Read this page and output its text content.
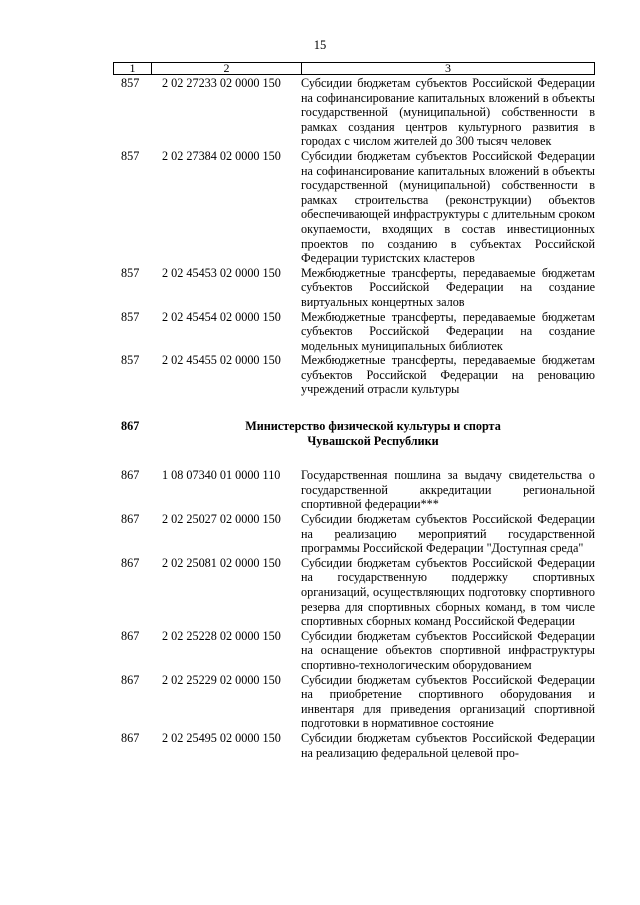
15
1	2	3
857	2 02 27233 02 0000 150	Субсидии бюджетам субъектов Российской Федерации на софинансирование капитальных вложений в объекты государственной (муниципальной) собственности в рамках создания центров культурного развития в городах с числом жителей до 300 тысяч человек
857	2 02 27384 02 0000 150	Субсидии бюджетам субъектов Российской Федерации на софинансирование капитальных вложений в объекты государственной (муниципальной) собственности в рамках строительства (реконструкции) объектов обеспечивающей инфраструктуры с длительным сроком окупаемости, входящих в состав инвестиционных проектов по созданию в субъектах Российской Федерации туристских кластеров
857	2 02 45453 02 0000 150	Межбюджетные трансферты, передаваемые бюджетам субъектов Российской Федерации на создание виртуальных концертных залов
857	2 02 45454 02 0000 150	Межбюджетные трансферты, передаваемые бюджетам субъектов Российской Федерации на создание модельных муниципальных библиотек
857	2 02 45455 02 0000 150	Межбюджетные трансферты, передаваемые бюджетам субъектов Российской Федерации на реновацию учреждений отрасли культуры
867	Министерство физической культуры и спорта
Чувашской Республики
867	1 08 07340 01 0000 110	Государственная пошлина за выдачу свидетельства о государственной аккредитации региональной спортивной федерации***
867	2 02 25027 02 0000 150	Субсидии бюджетам субъектов Российской Федерации на реализацию мероприятий государственной программы Российской Федерации "Доступная среда"
867	2 02 25081 02 0000 150	Субсидии бюджетам субъектов Российской Федерации на государственную поддержку спортивных организаций, осуществляющих подготовку спортивного резерва для спортивных сборных команд, в том числе спортивных сборных команд Российской Федерации
867	2 02 25228 02 0000 150	Субсидии бюджетам субъектов Российской Федерации на оснащение объектов спортивной инфраструктуры спортивно-технологическим оборудованием
867	2 02 25229 02 0000 150	Субсидии бюджетам субъектов Российской Федерации на приобретение спортивного оборудования и инвентаря для приведения организаций спортивной подготовки в нормативное состояние
867	2 02 25495 02 0000 150	Субсидии бюджетам субъектов Российской Федерации на реализацию федеральной целевой про-
